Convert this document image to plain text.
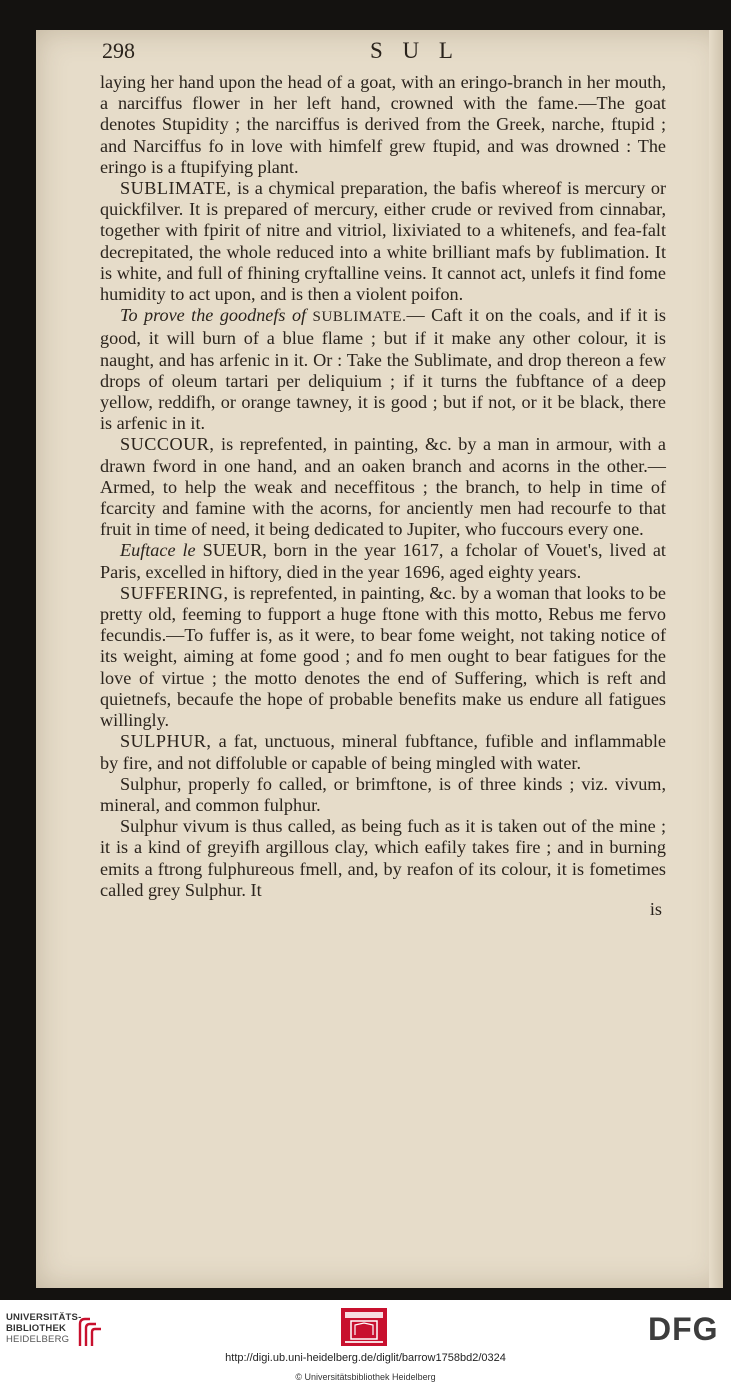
298	S U L

laying her hand upon the head of a goat, with an eringo-branch in her mouth, a narciffus flower in her left hand, crowned with the fame.—The goat denotes Stupidity ; the narciffus is derived from the Greek, narche, ftupid ; and Narciffus fo in love with himfelf grew ftupid, and was drowned : The eringo is a ftupifying plant.

SUBLIMATE, is a chymical preparation, the bafis whereof is mercury or quickfilver. It is prepared of mercury, either crude or revived from cinnabar, together with fpirit of nitre and vitriol, lixiviated to a whitenefs, and fea-falt decrepitated, the whole reduced into a white brilliant mafs by fublimation. It is white, and full of fhining cryftalline veins. It cannot act, unlefs it find fome humidity to act upon, and is then a violent poifon.

To prove the goodnefs of SUBLIMATE.— Caft it on the coals, and if it is good, it will burn of a blue flame ; but if it make any other colour, it is naught, and has arfenic in it. Or : Take the Sublimate, and drop thereon a few drops of oleum tartari per deliquium ; if it turns the fubftance of a deep yellow, reddifh, or orange tawney, it is good ; but if not, or it be black, there is arfenic in it.

SUCCOUR, is reprefented, in painting, &c. by a man in armour, with a drawn fword in one hand, and an oaken branch and acorns in the other.—Armed, to help the weak and neceffitous ; the branch, to help in time of fcarcity and famine with the acorns, for anciently men had recourfe to that fruit in time of need, it being dedicated to Jupiter, who fuccours every one.

Euftace le SUEUR, born in the year 1617, a fcholar of Vouet's, lived at Paris, excelled in hiftory, died in the year 1696, aged eighty years.

SUFFERING, is reprefented, in painting, &c. by a woman that looks to be pretty old, feeming to fupport a huge ftone with this motto, Rebus me fervo fecundis.—To fuffer is, as it were, to bear fome weight, not taking notice of its weight, aiming at fome good ; and fo men ought to bear fatigues for the love of virtue ; the motto denotes the end of Suffering, which is reft and quietnefs, becaufe the hope of probable benefits make us endure all fatigues willingly.

SULPHUR, a fat, unctuous, mineral fubftance, fufible and inflammable by fire, and not diffoluble or capable of being mingled with water.

Sulphur, properly fo called, or brimftone, is of three kinds ; viz. vivum, mineral, and common fulphur.

Sulphur vivum is thus called, as being fuch as it is taken out of the mine ; it is a kind of greyifh argillous clay, which eafily takes fire ; and in burning emits a ftrong fulphureous fmell, and, by reafon of its colour, it is fometimes called grey Sulphur. It

is
UNIVERSITÄTS-
BIBLIOTHEK
HEIDELBERG	DFG
http://digi.ub.uni-heidelberg.de/diglit/barrow1758bd2/0324
© Universitätsbibliothek Heidelberg
